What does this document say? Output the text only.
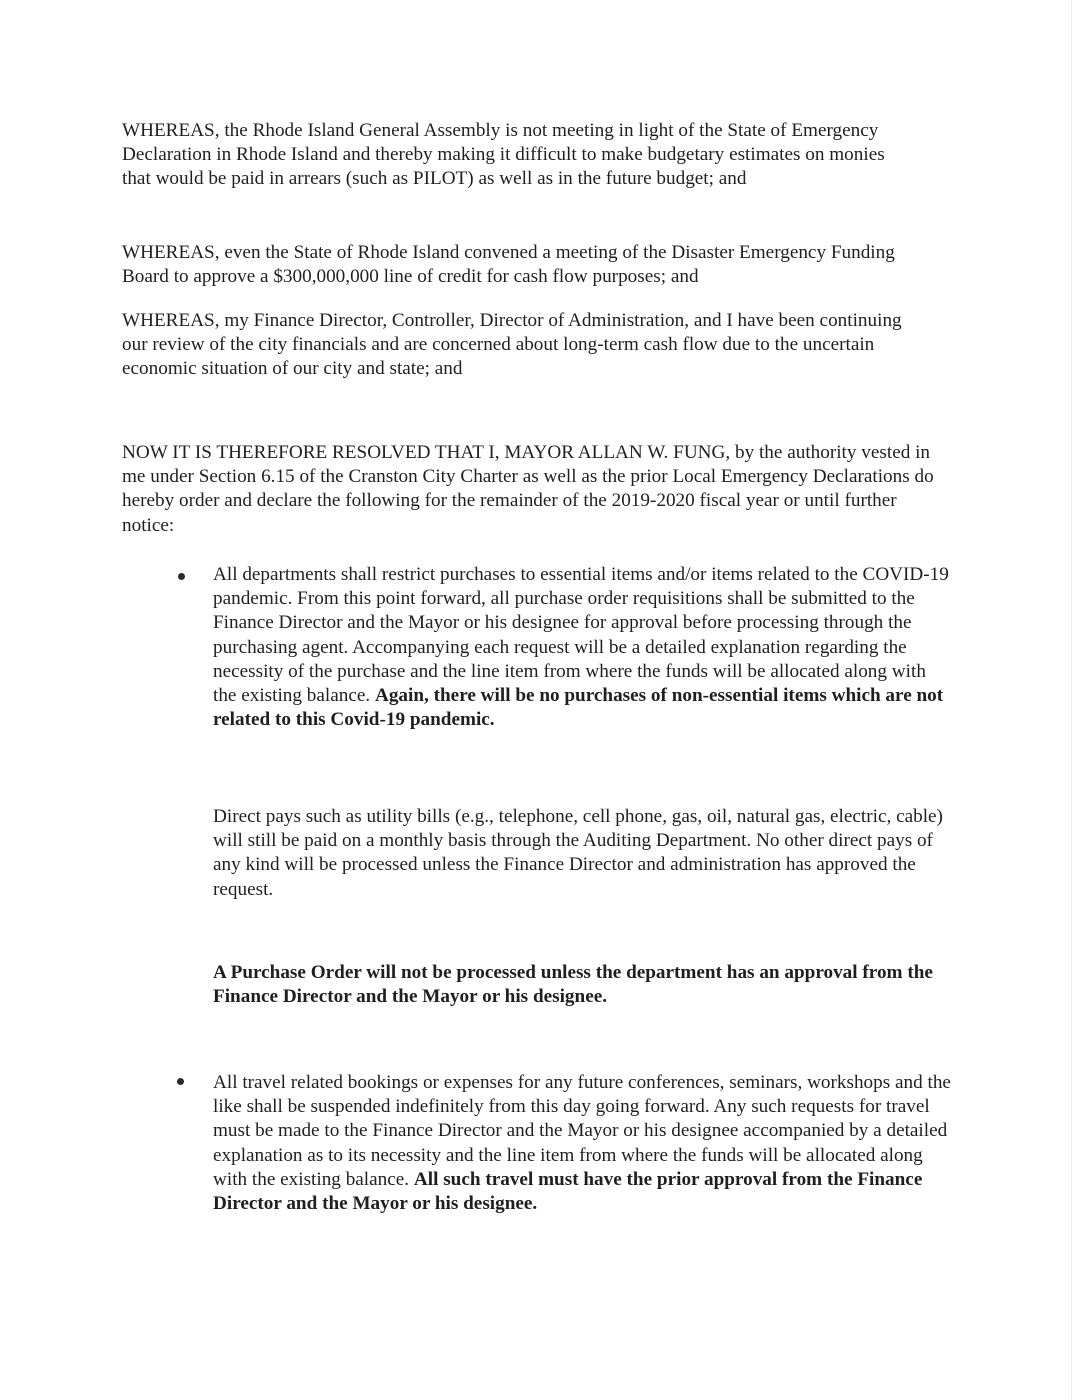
WHEREAS, the Rhode Island General Assembly is not meeting in light of the State of Emergency Declaration in Rhode Island and thereby making it difficult to make budgetary estimates on monies that would be paid in arrears (such as PILOT) as well as in the future budget; and

WHEREAS, even the State of Rhode Island convened a meeting of the Disaster Emergency Funding Board to approve a $300,000,000 line of credit for cash flow purposes; and

WHEREAS, my Finance Director, Controller, Director of Administration, and I have been continuing our review of the city financials and are concerned about long-term cash flow due to the uncertain economic situation of our city and state; and

NOW IT IS THEREFORE RESOLVED THAT I, MAYOR ALLAN W. FUNG, by the authority vested in me under Section 6.15 of the Cranston City Charter as well as the prior Local Emergency Declarations do hereby order and declare the following for the remainder of the 2019-2020 fiscal year or until further notice:

All departments shall restrict purchases to essential items and/or items related to the COVID-19 pandemic. From this point forward, all purchase order requisitions shall be submitted to the Finance Director and the Mayor or his designee for approval before processing through the purchasing agent. Accompanying each request will be a detailed explanation regarding the necessity of the purchase and the line item from where the funds will be allocated along with the existing balance. Again, there will be no purchases of non-essential items which are not related to this Covid-19 pandemic.

Direct pays such as utility bills (e.g., telephone, cell phone, gas, oil, natural gas, electric, cable) will still be paid on a monthly basis through the Auditing Department. No other direct pays of any kind will be processed unless the Finance Director and administration has approved the request.

A Purchase Order will not be processed unless the department has an approval from the Finance Director and the Mayor or his designee.

All travel related bookings or expenses for any future conferences, seminars, workshops and the like shall be suspended indefinitely from this day going forward. Any such requests for travel must be made to the Finance Director and the Mayor or his designee accompanied by a detailed explanation as to its necessity and the line item from where the funds will be allocated along with the existing balance. All such travel must have the prior approval from the Finance Director and the Mayor or his designee.
